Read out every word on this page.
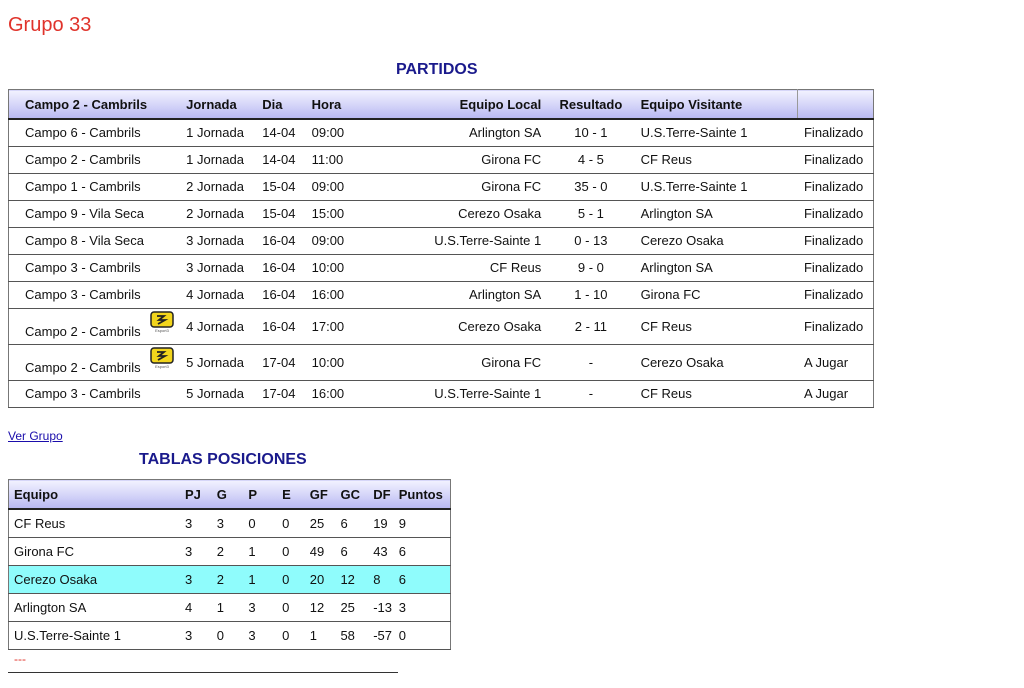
Grupo 33
PARTIDOS
Campo 2 - Cambrils	Jornada	Dia	Hora	Equipo Local	Resultado	Equipo Visitante	
Campo 6 - Cambrils	1 Jornada	14-04	09:00	Arlington SA	10 - 1	U.S.Terre-Sainte 1	Finalizado
Campo 2 - Cambrils	1 Jornada	14-04	11:00	Girona FC	4 - 5	CF Reus	Finalizado
Campo 1 - Cambrils	2 Jornada	15-04	09:00	Girona FC	35 - 0	U.S.Terre-Sainte 1	Finalizado
Campo 9 - Vila Seca	2 Jornada	15-04	15:00	Cerezo Osaka	5 - 1	Arlington SA	Finalizado
Campo 8 - Vila Seca	3 Jornada	16-04	09:00	U.S.Terre-Sainte 1	0 - 13	Cerezo Osaka	Finalizado
Campo 3 - Cambrils	3 Jornada	16-04	10:00	CF Reus	9 - 0	Arlington SA	Finalizado
Campo 3 - Cambrils	4 Jornada	16-04	16:00	Arlington SA	1 - 10	Girona FC	Finalizado

Campo 2 - Cambrils Esport3	4 Jornada	16-04	17:00	Cerezo Osaka	2 - 11	CF Reus	Finalizado

Campo 2 - Cambrils Esport3	5 Jornada	17-04	10:00	Girona FC	-	Cerezo Osaka	A Jugar
Campo 3 - Cambrils	5 Jornada	17-04	16:00	U.S.Terre-Sainte 1	-	CF Reus	A Jugar
Ver Grupo
TABLAS POSICIONES
Equipo	PJ	G	P	E	GF	GC	DF	Puntos
CF Reus	3	3	0	0	25	6	19	9
Girona FC	3	2	1	0	49	6	43	6
Cerezo Osaka	3	2	1	0	20	12	8	6
Arlington SA	4	1	3	0	12	25	-13	3
U.S.Terre-Sainte 1	3	0	3	0	1	58	-57	0
---
